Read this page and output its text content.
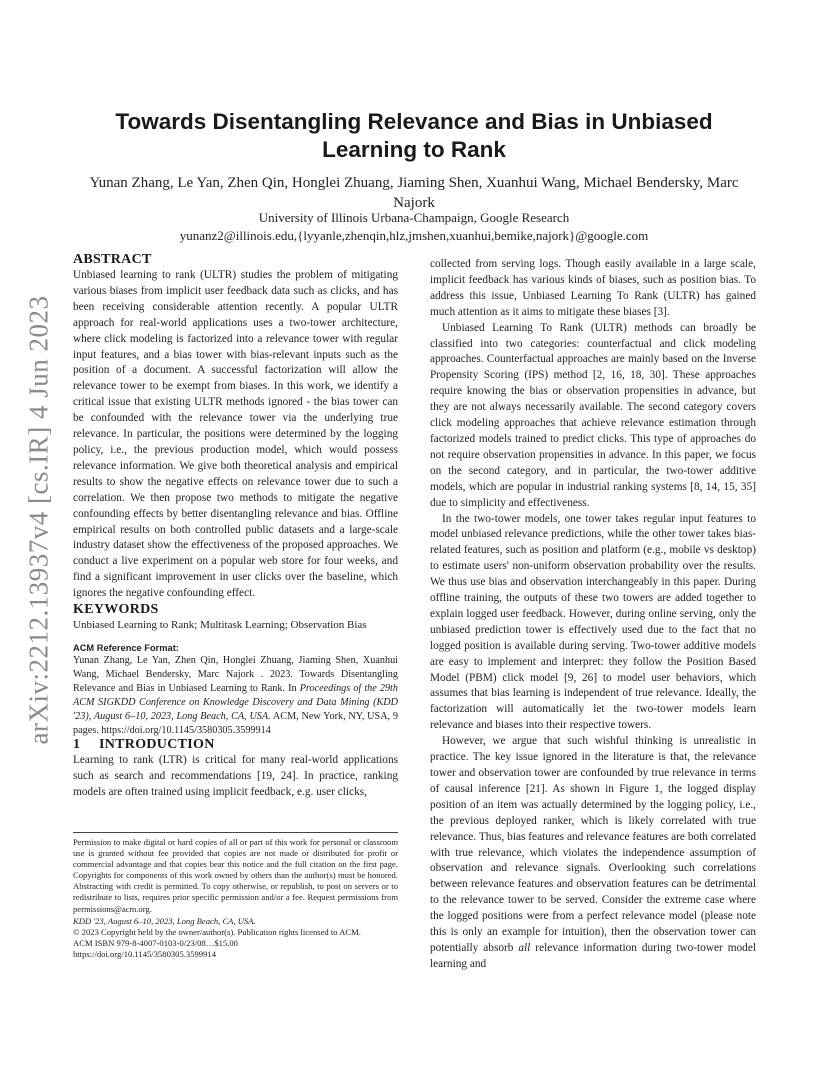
arXiv:2212.13937v4 [cs.IR] 4 Jun 2023
Towards Disentangling Relevance and Bias in Unbiased Learning to Rank

Yunan Zhang, Le Yan, Zhen Qin, Honglei Zhuang, Jiaming Shen, Xuanhui Wang, Michael Bendersky, Marc Najork

University of Illinois Urbana-Champaign, Google Research

yunanz2@illinois.edu,{lyyanle,zhenqin,hlz,jmshen,xuanhui,bemike,najork}@google.com

ABSTRACT

Unbiased learning to rank (ULTR) studies the problem of mitigating various biases from implicit user feedback data such as clicks, and has been receiving considerable attention recently. A popular ULTR approach for real-world applications uses a two-tower architecture, where click modeling is factorized into a relevance tower with regular input features, and a bias tower with bias-relevant inputs such as the position of a document. A successful factorization will allow the relevance tower to be exempt from biases. In this work, we identify a critical issue that existing ULTR methods ignored - the bias tower can be confounded with the relevance tower via the underlying true relevance. In particular, the positions were determined by the logging policy, i.e., the previous production model, which would possess relevance information. We give both theoretical analysis and empirical results to show the negative effects on relevance tower due to such a correlation. We then propose two methods to mitigate the negative confounding effects by better disentangling relevance and bias. Offline empirical results on both controlled public datasets and a large-scale industry dataset show the effectiveness of the proposed approaches. We conduct a live experiment on a popular web store for four weeks, and find a significant improvement in user clicks over the baseline, which ignores the negative confounding effect.

KEYWORDS

Unbiased Learning to Rank; Multitask Learning; Observation Bias

ACM Reference Format:

Yunan Zhang, Le Yan, Zhen Qin, Honglei Zhuang, Jiaming Shen, Xuanhui Wang, Michael Bendersky, Marc Najork . 2023. Towards Disentangling Relevance and Bias in Unbiased Learning to Rank. In Proceedings of the 29th ACM SIGKDD Conference on Knowledge Discovery and Data Mining (KDD '23), August 6–10, 2023, Long Beach, CA, USA. ACM, New York, NY, USA, 9 pages. https://doi.org/10.1145/3580305.3599914

1 INTRODUCTION

Learning to rank (LTR) is critical for many real-world applications such as search and recommendations [19, 24]. In practice, ranking models are often trained using implicit feedback, e.g. user clicks,

Permission to make digital or hard copies of all or part of this work for personal or classroom use is granted without fee provided that copies are not made or distributed for profit or commercial advantage and that copies bear this notice and the full citation on the first page. Copyrights for components of this work owned by others than the author(s) must be honored. Abstracting with credit is permitted. To copy otherwise, or republish, to post on servers or to redistribute to lists, requires prior specific permission and/or a fee. Request permissions from permissions@acm.org.

KDD '23, August 6–10, 2023, Long Beach, CA, USA.

© 2023 Copyright held by the owner/author(s). Publication rights licensed to ACM.

ACM ISBN 979-8-4007-0103-0/23/08…$15.00

https://doi.org/10.1145/3580305.3599914

collected from serving logs. Though easily available in a large scale, implicit feedback has various kinds of biases, such as position bias. To address this issue, Unbiased Learning To Rank (ULTR) has gained much attention as it aims to mitigate these biases [3].

Unbiased Learning To Rank (ULTR) methods can broadly be classified into two categories: counterfactual and click modeling approaches. Counterfactual approaches are mainly based on the Inverse Propensity Scoring (IPS) method [2, 16, 18, 30]. These approaches require knowing the bias or observation propensities in advance, but they are not always necessarily available. The second category covers click modeling approaches that achieve relevance estimation through factorized models trained to predict clicks. This type of approaches do not require observation propensities in advance. In this paper, we focus on the second category, and in particular, the two-tower additive models, which are popular in industrial ranking systems [8, 14, 15, 35] due to simplicity and effectiveness.

In the two-tower models, one tower takes regular input features to model unbiased relevance predictions, while the other tower takes bias-related features, such as position and platform (e.g., mobile vs desktop) to estimate users' non-uniform observation probability over the results. We thus use bias and observation interchangeably in this paper. During offline training, the outputs of these two towers are added together to explain logged user feedback. However, during online serving, only the unbiased prediction tower is effectively used due to the fact that no logged position is available during serving. Two-tower additive models are easy to implement and interpret: they follow the Position Based Model (PBM) click model [9, 26] to model user behaviors, which assumes that bias learning is independent of true relevance. Ideally, the factorization will automatically let the two-tower models learn relevance and biases into their respective towers.

However, we argue that such wishful thinking is unrealistic in practice. The key issue ignored in the literature is that, the relevance tower and observation tower are confounded by true relevance in terms of causal inference [21]. As shown in Figure 1, the logged display position of an item was actually determined by the logging policy, i.e., the previous deployed ranker, which is likely correlated with true relevance. Thus, bias features and relevance features are both correlated with true relevance, which violates the independence assumption of observation and relevance signals. Overlooking such correlations between relevance features and observation features can be detrimental to the relevance tower to be served. Consider the extreme case where the logged positions were from a perfect relevance model (please note this is only an example for intuition), then the observation tower can potentially absorb all relevance information during two-tower model learning and
